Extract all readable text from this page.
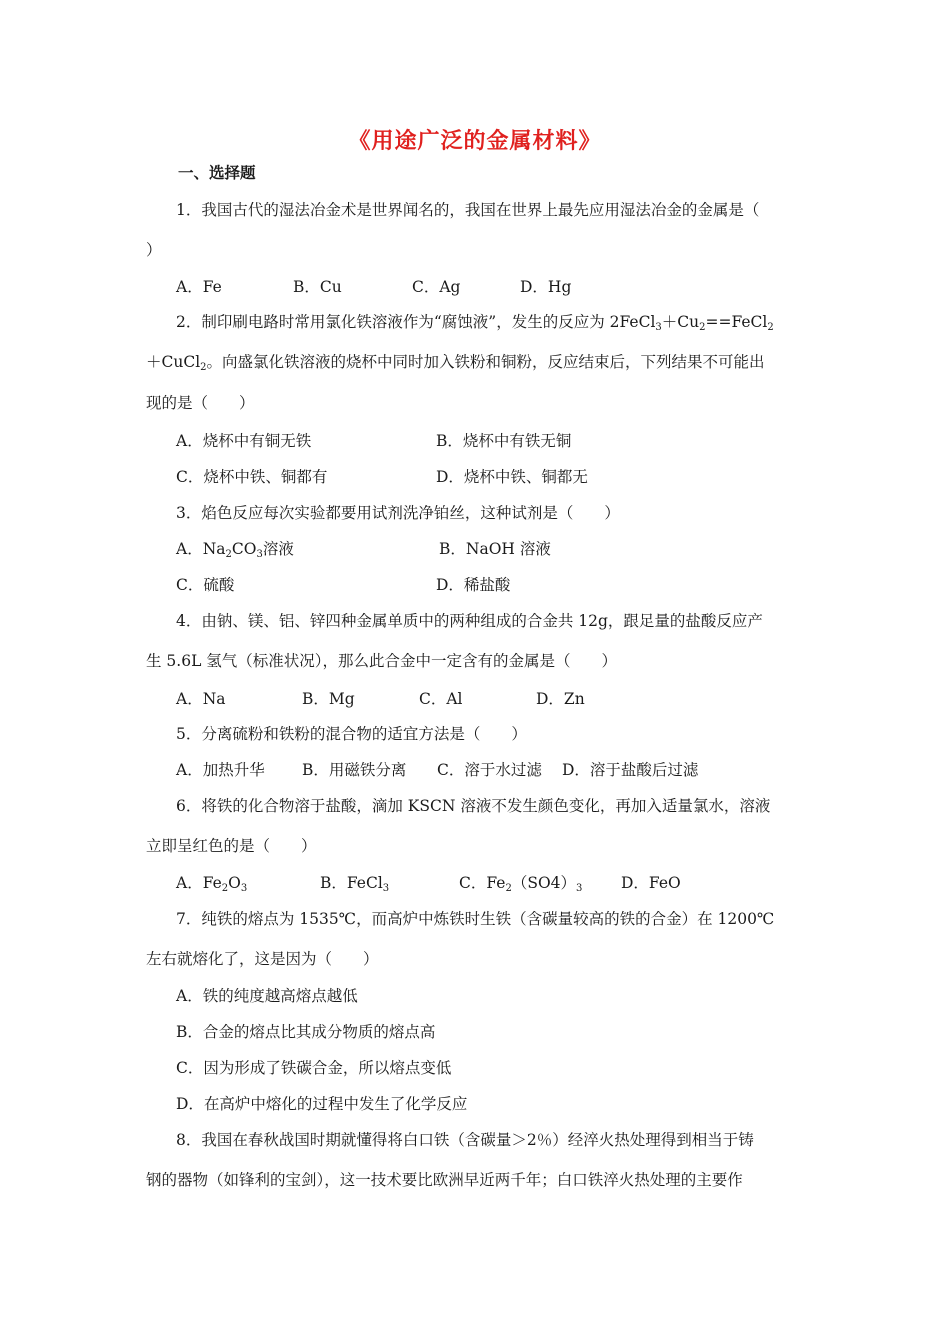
《用途广泛的金属材料》
一、选择题
1．我国古代的湿法冶金术是世界闻名的，我国在世界上最先应用湿法冶金的金属是（
）
A．Fe	B．Cu	C．Ag	D．Hg
2．制印刷电路时常用氯化铁溶液作为“腐蚀液”，发生的反应为 $2FeCl_3+Cu_2==FeCl_2$
＋CuCl$_2$。向盛氯化铁溶液的烧杯中同时加入铁粉和铜粉，反应结束后，下列结果不可能出
现的是（　　）
A．烧杯中有铜无铁	B．烧杯中有铁无铜
C．烧杯中铁、铜都有	D．烧杯中铁、铜都无
3．焰色反应每次实验都要用试剂洗净铂丝，这种试剂是（　　）
A．$Na_2CO_3$溶液	B．NaOH 溶液
C．硫酸	D．稀盐酸
4．由钠、镁、铝、锌四种金属单质中的两种组成的合金共 12g，跟足量的盐酸反应产
生 5.6L 氢气（标准状况），那么此合金中一定含有的金属是（　　）
A．Na	B．Mg	C．Al	D．Zn
5．分离硫粉和铁粉的混合物的适宜方法是（　　）
A．加热升华 B．用磁铁分离 C．溶于水过滤 D．溶于盐酸后过滤
6．将铁的化合物溶于盐酸，滴加 KSCN 溶液不发生颜色变化，再加入适量氯水，溶液
立即呈红色的是（　　）
A．$Fe_2O_3$	B．FeCl$_3$	C．$Fe_2(SO4)_3$ D．FeO
7．纯铁的熔点为 1535℃，而高炉中炼铁时生铁（含碳量较高的铁的合金）在 1200℃
左右就熔化了，这是因为（　　）
A．铁的纯度越高熔点越低
B．合金的熔点比其成分物质的熔点高
C．因为形成了铁碳合金，所以熔点变低
D．在高炉中熔化的过程中发生了化学反应
8．我国在春秋战国时期就懂得将白口铁（含碳量＞2％）经淬火热处理得到相当于铸
钢的器物（如锋利的宝剑），这一技术要比欧洲早近两千年；白口铁淬火热处理的主要作
